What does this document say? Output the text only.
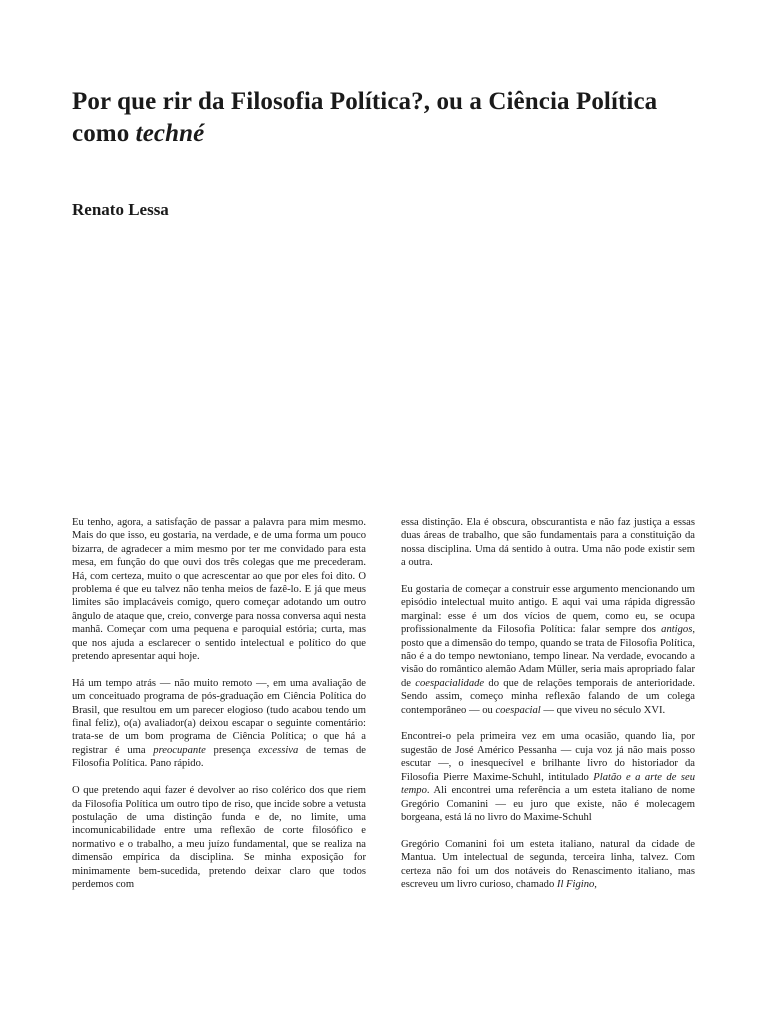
Por que rir da Filosofia Política?, ou a Ciência Política como techné
Renato Lessa

Eu tenho, agora, a satisfação de passar a palavra para mim mesmo. Mais do que isso, eu gostaria, na verdade, e de uma forma um pouco bizarra, de agradecer a mim mesmo por ter me convidado para esta mesa, em função do que ouvi dos três colegas que me precederam. Há, com certeza, muito o que acrescentar ao que por eles foi dito. O problema é que eu talvez não tenha meios de fazê-lo. E já que meus limites são implacáveis comigo, quero começar adotando um outro ângulo de ataque que, creio, converge para nossa conversa aqui nesta manhã. Começar com uma pequena e paroquial estória; curta, mas que nos ajuda a esclarecer o sentido intelectual e político do que pretendo apresentar aqui hoje.

Há um tempo atrás — não muito remoto —, em uma avaliação de um conceituado programa de pós-graduação em Ciência Política do Brasil, que resultou em um parecer elogioso (tudo acabou tendo um final feliz), o(a) avaliador(a) deixou escapar o seguinte comentário: trata-se de um bom programa de Ciência Política; o que há a registrar é uma preocupante presença excessiva de temas de Filosofia Política. Pano rápido.

O que pretendo aqui fazer é devolver ao riso colérico dos que riem da Filosofia Política um outro tipo de riso, que incide sobre a vetusta postulação de uma distinção funda e de, no limite, uma incomunicabilidade entre uma reflexão de corte filosófico e normativo e o trabalho, a meu juízo fundamental, que se realiza na dimensão empírica da disciplina. Se minha exposição for minimamente bem-sucedida, pretendo deixar claro que todos perdemos com

essa distinção. Ela é obscura, obscurantista e não faz justiça a essas duas áreas de trabalho, que são fundamentais para a constituição da nossa disciplina. Uma dá sentido à outra. Uma não pode existir sem a outra.

Eu gostaria de começar a construir esse argumento mencionando um episódio intelectual muito antigo. E aqui vai uma rápida digressão marginal: esse é um dos vícios de quem, como eu, se ocupa profissionalmente da Filosofia Política: falar sempre dos antigos, posto que a dimensão do tempo, quando se trata de Filosofia Política, não é a do tempo newtoniano, tempo linear. Na verdade, evocando a visão do romântico alemão Adam Müller, seria mais apropriado falar de coespacialidade do que de relações temporais de anterioridade. Sendo assim, começo minha reflexão falando de um colega contemporâneo — ou coespacial — que viveu no século XVI.

Encontrei-o pela primeira vez em uma ocasião, quando lia, por sugestão de José Américo Pessanha — cuja voz já não mais posso escutar —, o inesquecível e brilhante livro do historiador da Filosofia Pierre Maxime-Schuhl, intitulado Platão e a arte de seu tempo. Ali encontrei uma referência a um esteta italiano de nome Gregório Comanini — eu juro que existe, não é molecagem borgeana, está lá no livro do Maxime-Schuhl

Gregório Comanini foi um esteta italiano, natural da cidade de Mantua. Um intelectual de segunda, terceira linha, talvez. Com certeza não foi um dos notáveis do Renascimento italiano, mas escreveu um livro curioso, chamado Il Figino,
